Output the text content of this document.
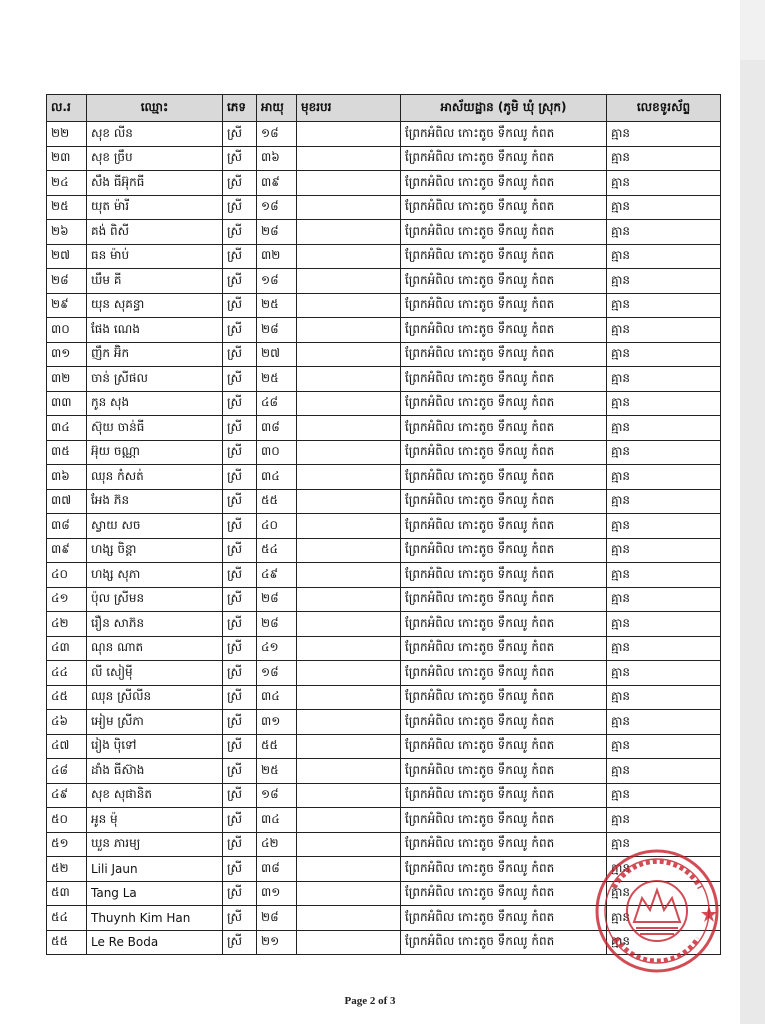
ល.រ	ឈ្មោះ	ភេទ	អាយុ	មុខរបរ	អាស័យដ្ឋាន (ភូមិ ឃុំ ស្រុក)	លេខទូរស័ព្ទ
២២	សុខ លីន	ស្រី	១៨		ព្រែកអំពិល កោះតូច ទឹកឈូ កំពត	គ្មាន
២៣	សុខ ច្រឹប	ស្រី	៣៦		ព្រែកអំពិល កោះតូច ទឹកឈូ កំពត	គ្មាន
២៤	សឹង ធីអ៊ុកធី	ស្រី	៣៩		ព្រែកអំពិល កោះតូច ទឹកឈូ កំពត	គ្មាន
២៥	យុត ម៉ារី	ស្រី	១៨		ព្រែកអំពិល កោះតូច ទឹកឈូ កំពត	គ្មាន
២៦	គង់ ពិសី	ស្រី	២៨		ព្រែកអំពិល កោះតូច ទឹកឈូ កំពត	គ្មាន
២៧	ធន ម៉ាប់	ស្រី	៣២		ព្រែកអំពិល កោះតូច ទឹកឈូ កំពត	គ្មាន
២៨	ឃឹម គី	ស្រី	១៨		ព្រែកអំពិល កោះតូច ទឹកឈូ កំពត	គ្មាន
២៩	យុន សុគន្ធា	ស្រី	២៥		ព្រែកអំពិល កោះតូច ទឹកឈូ កំពត	គ្មាន
៣០	ផែង ណេង	ស្រី	២៨		ព្រែកអំពិល កោះតូច ទឹកឈូ កំពត	គ្មាន
៣១	ញឹក អ៊ិក	ស្រី	២៧		ព្រែកអំពិល កោះតូច ទឹកឈូ កំពត	គ្មាន
៣២	ចាន់ ស្រីផល	ស្រី	២៥		ព្រែកអំពិល កោះតូច ទឹកឈូ កំពត	គ្មាន
៣៣	កូន សុង	ស្រី	៤៨		ព្រែកអំពិល កោះតូច ទឹកឈូ កំពត	គ្មាន
៣៤	ស៊ុយ ចាន់ធី	ស្រី	៣៨		ព្រែកអំពិល កោះតូច ទឹកឈូ កំពត	គ្មាន
៣៥	អ៊ុយ ចណ្ណា	ស្រី	៣០		ព្រែកអំពិល កោះតូច ទឹកឈូ កំពត	គ្មាន
៣៦	ឈុន កំសត់	ស្រី	៣៤		ព្រែកអំពិល កោះតូច ទឹកឈូ កំពត	គ្មាន
៣៧	អែង ភ៊ន	ស្រី	៥៥		ព្រែកអំពិល កោះតូច ទឹកឈូ កំពត	គ្មាន
៣៨	ស្វាយ សច	ស្រី	៤០		ព្រែកអំពិល កោះតូច ទឹកឈូ កំពត	គ្មាន
៣៩	ហង្ស ចិន្ដា	ស្រី	៥៤		ព្រែកអំពិល កោះតូច ទឹកឈូ កំពត	គ្មាន
៤០	ហង្ស សុភា	ស្រី	៤៩		ព្រែកអំពិល កោះតូច ទឹកឈូ កំពត	គ្មាន
៤១	ប៉ុល ស្រីមន	ស្រី	២៨		ព្រែកអំពិល កោះតូច ទឹកឈូ កំពត	គ្មាន
៤២	រឿន សាភ៊ន	ស្រី	២៨		ព្រែកអំពិល កោះតូច ទឹកឈូ កំពត	គ្មាន
៤៣	ណុន ណាត	ស្រី	៤១		ព្រែកអំពិល កោះតូច ទឹកឈូ កំពត	គ្មាន
៤៤	លី សៀម៉ី	ស្រី	១៨		ព្រែកអំពិល កោះតូច ទឹកឈូ កំពត	គ្មាន
៤៥	ឈុន ស្រីលីន	ស្រី	៣៤		ព្រែកអំពិល កោះតូច ទឹកឈូ កំពត	គ្មាន
៤៦	អៀម ស្រីភា	ស្រី	៣១		ព្រែកអំពិល កោះតូច ទឹកឈូ កំពត	គ្មាន
៤៧	រៀង ប៉ិទៅ	ស្រី	៥៥		ព្រែកអំពិល កោះតូច ទឹកឈូ កំពត	គ្មាន
៤៨	ដាំង ធីស៊ាង	ស្រី	២៥		ព្រែកអំពិល កោះតូច ទឹកឈូ កំពត	គ្មាន
៤៩	សុខ សុផានិត	ស្រី	១៨		ព្រែកអំពិល កោះតូច ទឹកឈូ កំពត	គ្មាន
៥០	អូន ម៉ុ	ស្រី	៣៤		ព្រែកអំពិល កោះតូច ទឹកឈូ កំពត	គ្មាន
៥១	ឃួន ភារម្យ	ស្រី	៤២		ព្រែកអំពិល កោះតូច ទឹកឈូ កំពត	គ្មាន
៥២	Lili Jaun	ស្រី	៣៨		ព្រែកអំពិល កោះតូច ទឹកឈូ កំពត	គ្មាន
៥៣	Tang La	ស្រី	៣១		ព្រែកអំពិល កោះតូច ទឹកឈូ កំពត	គ្មាន
៥៤	Thuynh Kim Han	ស្រី	២៨		ព្រែកអំពិល កោះតូច ទឹកឈូ កំពត	គ្មាន
៥៥	Le Re Boda	ស្រី	២១		ព្រែកអំពិល កោះតូច ទឹកឈូ កំពត	គ្មាន
Page 2 of 3
